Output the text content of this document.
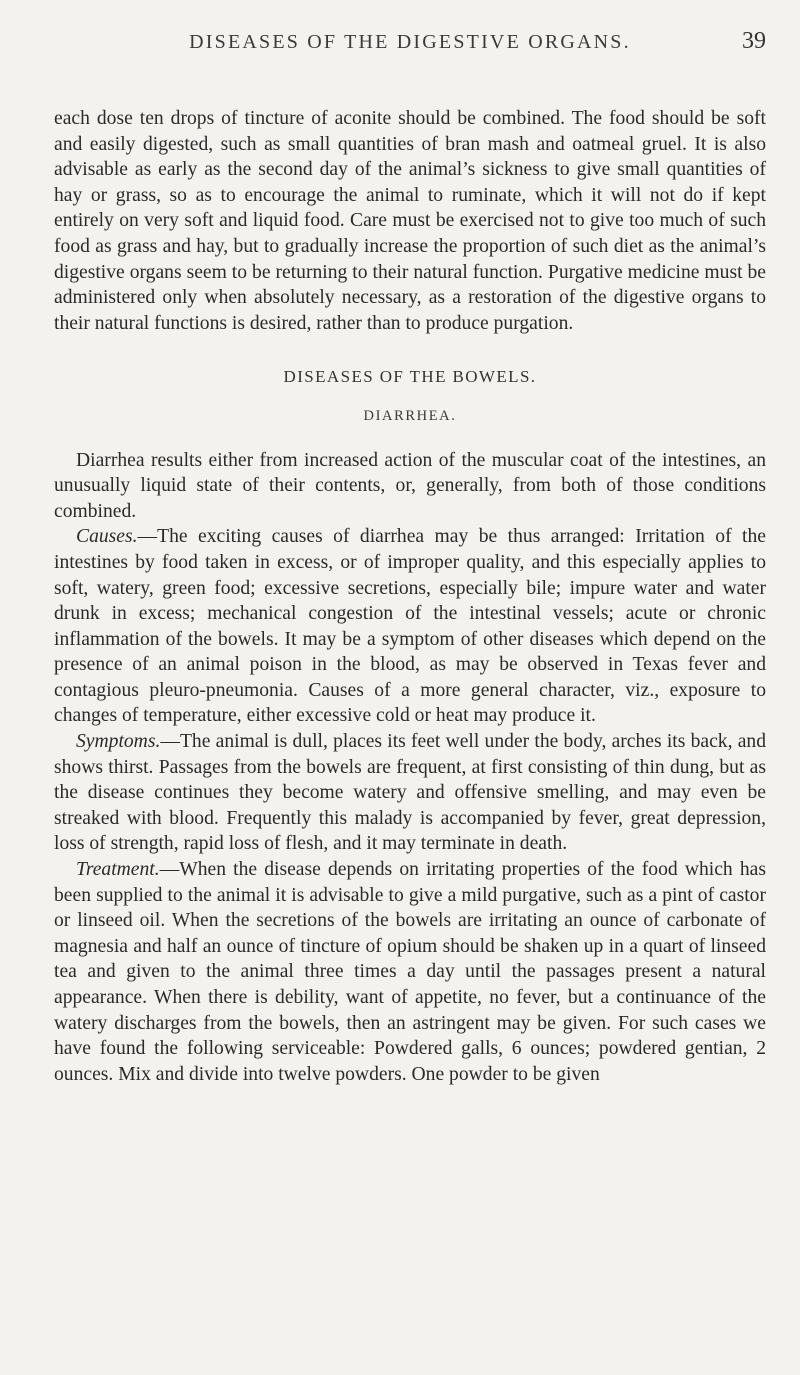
DISEASES OF THE DIGESTIVE ORGANS.	39

each dose ten drops of tincture of aconite should be combined. The food should be soft and easily digested, such as small quantities of bran mash and oatmeal gruel. It is also advisable as early as the second day of the animal’s sickness to give small quantities of hay or grass, so as to encourage the animal to ruminate, which it will not do if kept entirely on very soft and liquid food. Care must be exercised not to give too much of such food as grass and hay, but to gradually increase the proportion of such diet as the animal’s digestive organs seem to be returning to their natural function. Purgative medicine must be administered only when absolutely necessary, as a restoration of the digestive organs to their natural functions is desired, rather than to produce purgation.

DISEASES OF THE BOWELS.
DIARRHEA.

Diarrhea results either from increased action of the muscular coat of the intestines, an unusually liquid state of their contents, or, generally, from both of those conditions combined.

Causes.—The exciting causes of diarrhea may be thus arranged: Irritation of the intestines by food taken in excess, or of improper quality, and this especially applies to soft, watery, green food; excessive secretions, especially bile; impure water and water drunk in excess; mechanical congestion of the intestinal vessels; acute or chronic inflammation of the bowels. It may be a symptom of other diseases which depend on the presence of an animal poison in the blood, as may be observed in Texas fever and contagious pleuro-pneumonia. Causes of a more general character, viz., exposure to changes of temperature, either excessive cold or heat may produce it.

Symptoms.—The animal is dull, places its feet well under the body, arches its back, and shows thirst. Passages from the bowels are frequent, at first consisting of thin dung, but as the disease continues they become watery and offensive smelling, and may even be streaked with blood. Frequently this malady is accompanied by fever, great depression, loss of strength, rapid loss of flesh, and it may terminate in death.

Treatment.—When the disease depends on irritating properties of the food which has been supplied to the animal it is advisable to give a mild purgative, such as a pint of castor or linseed oil. When the secretions of the bowels are irritating an ounce of carbonate of magnesia and half an ounce of tincture of opium should be shaken up in a quart of linseed tea and given to the animal three times a day until the passages present a natural appearance. When there is debility, want of appetite, no fever, but a continuance of the watery discharges from the bowels, then an astringent may be given. For such cases we have found the following serviceable: Powdered galls, 6 ounces; powdered gentian, 2 ounces. Mix and divide into twelve powders. One powder to be given
